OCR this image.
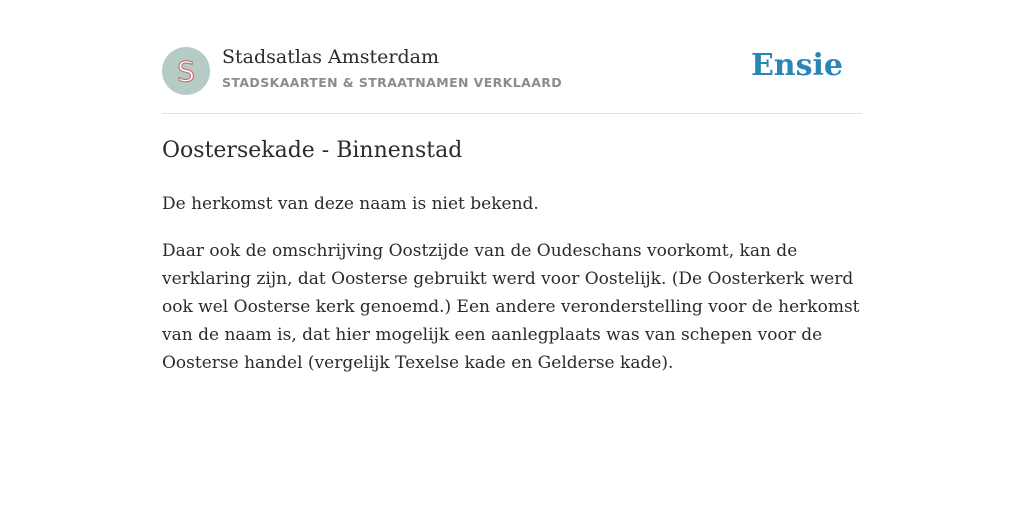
S Stadsatlas Amsterdam
STADSKAARTEN & STRAATNAMEN VERKLAARD	Ensie
Oostersekade - Binnenstad

De herkomst van deze naam is niet bekend.

Daar ook de omschrijving Oostzijde van de Oudeschans voorkomt, kan de verklaring zijn, dat Oosterse gebruikt werd voor Oostelijk. (De Oosterkerk werd ook wel Oosterse kerk genoemd.) Een andere veronderstelling voor de herkomst van de naam is, dat hier mogelijk een aanlegplaats was van schepen voor de Oosterse handel (vergelijk Texelse kade en Gelderse kade).
